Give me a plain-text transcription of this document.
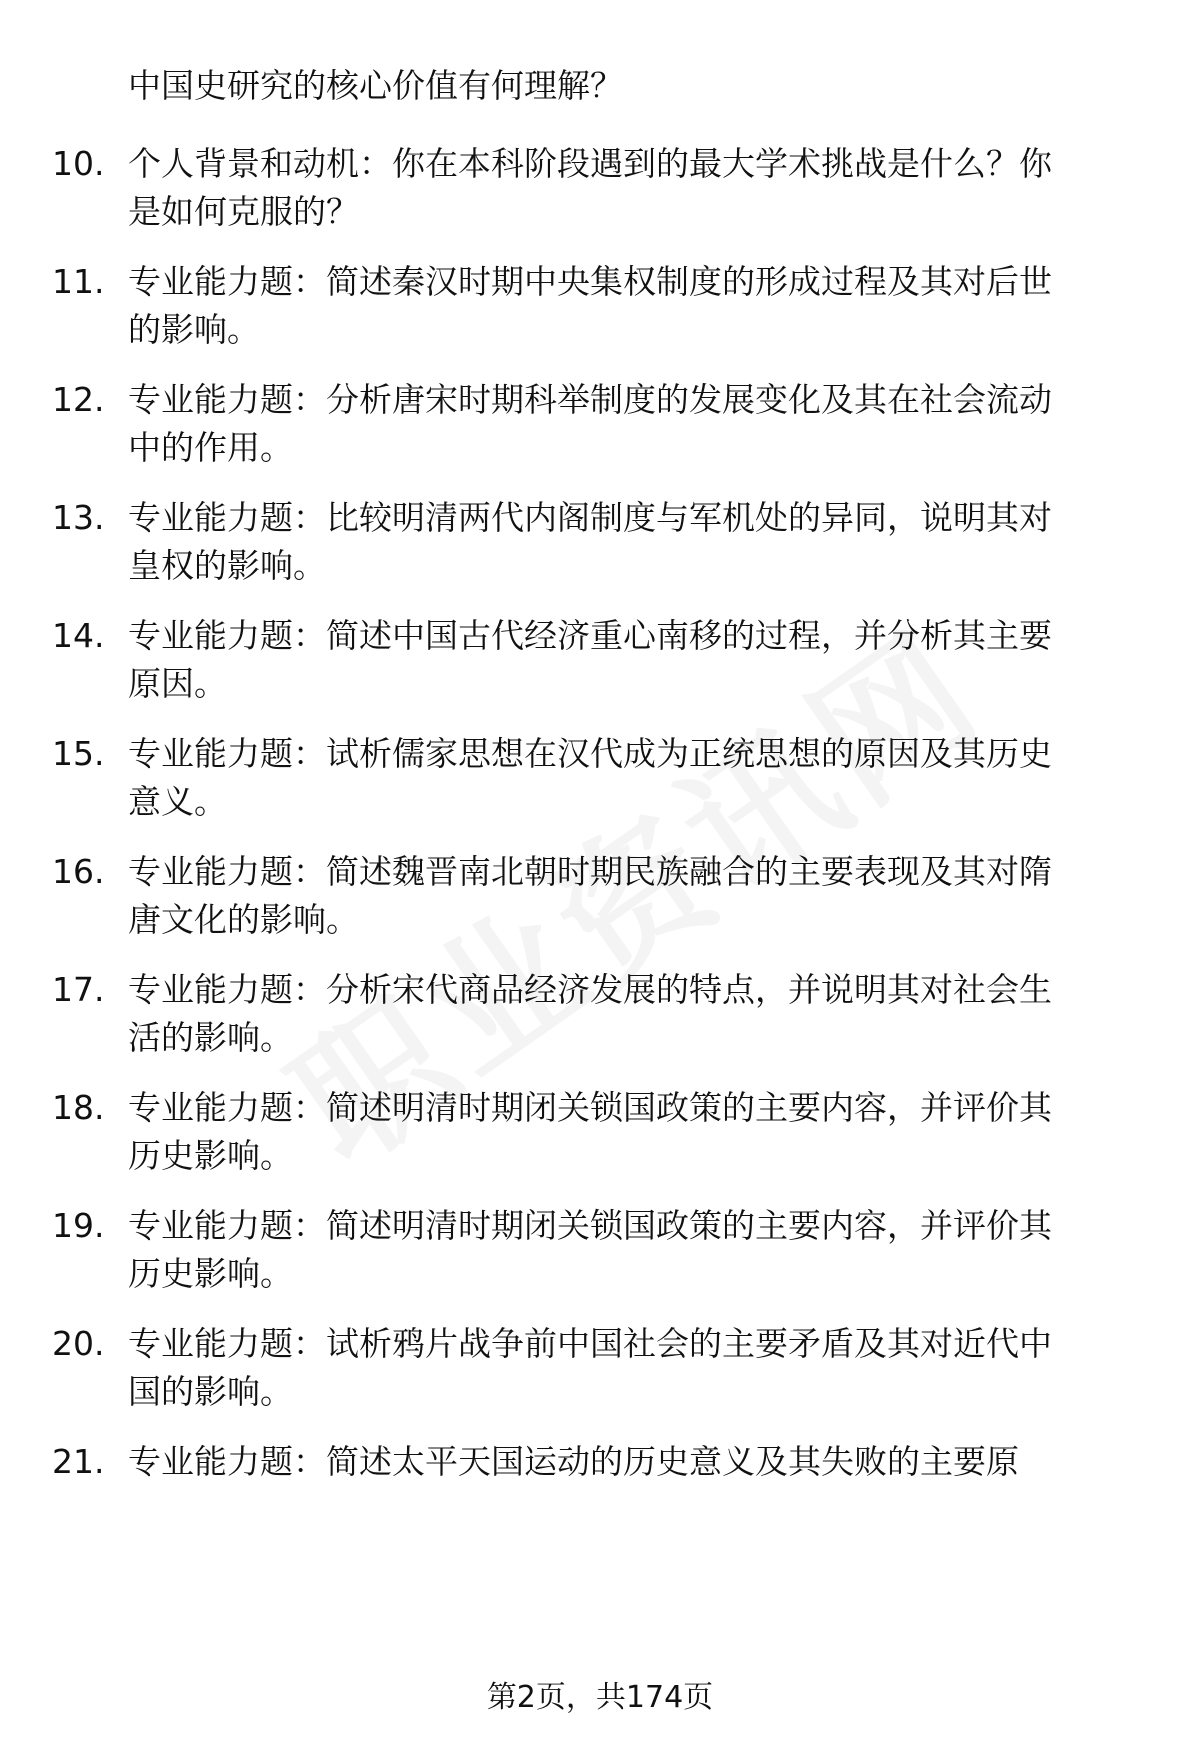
中国史研究的核心价值有何理解？
10. 个人背景和动机：你在本科阶段遇到的最大学术挑战是什么？你
是如何克服的？
11. 专业能力题：简述秦汉时期中央集权制度的形成过程及其对后世
的影响。
12. 专业能力题：分析唐宋时期科举制度的发展变化及其在社会流动
中的作用。
13. 专业能力题：比较明清两代内阁制度与军机处的异同，说明其对
皇权的影响。
14. 专业能力题：简述中国古代经济重心南移的过程，并分析其主要
原因。
15. 专业能力题：试析儒家思想在汉代成为正统思想的原因及其历史
意义。
16. 专业能力题：简述魏晋南北朝时期民族融合的主要表现及其对隋
唐文化的影响。
17. 专业能力题：分析宋代商品经济发展的特点，并说明其对社会生
活的影响。
18. 专业能力题：简述明清时期闭关锁国政策的主要内容，并评价其
历史影响。
19. 专业能力题：简述明清时期闭关锁国政策的主要内容，并评价其
历史影响。
20. 专业能力题：试析鸦片战争前中国社会的主要矛盾及其对近代中
国的影响。
21. 专业能力题：简述太平天国运动的历史意义及其失败的主要原
第2页，共174页
